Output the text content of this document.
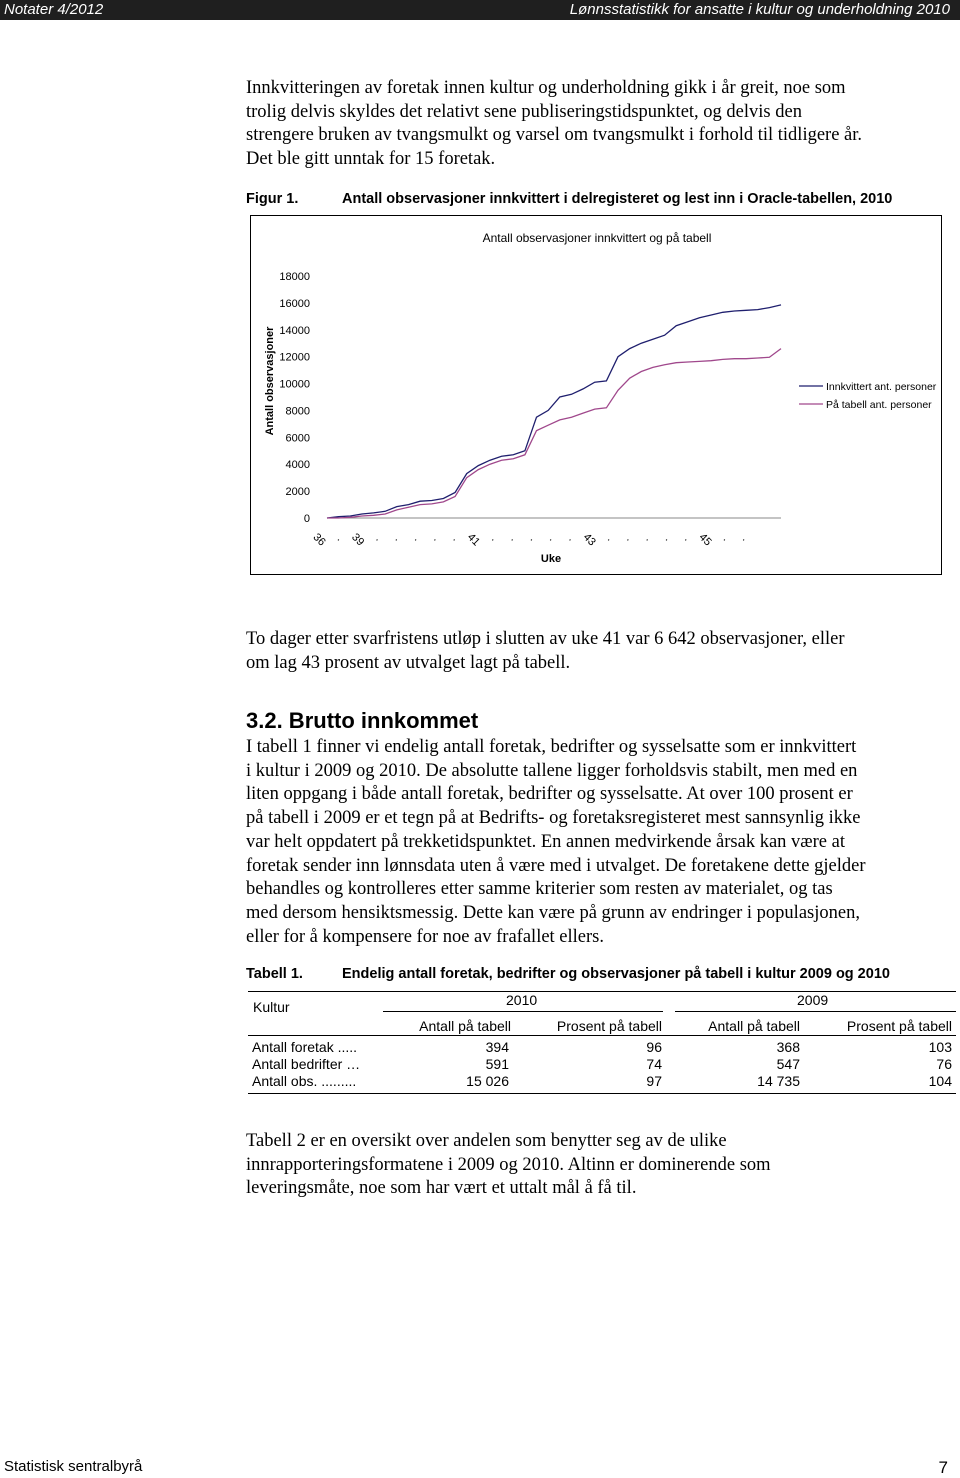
Notater 4/2012	Lønnsstatistikk for ansatte i kultur og underholdning 2010
Innkvitteringen av foretak innen kultur og underholdning gikk i år greit, noe som
trolig delvis skyldes det relativt sene publiseringstidspunktet, og delvis den
strengere bruken av tvangsmulkt og varsel om tvangsmulkt i forhold til tidligere år.
Det ble gitt unntak for 15 foretak.
Figur 1.	Antall observasjoner innkvittert i delregisteret og lest inn i Oracle-tabellen, 2010
Antall observasjoner innkvittert og på tabell
Uke
Antall observasjoner
18000
16000
14000
12000
10000
8000
6000
4000
2000
0
36 · 39 · · · · · 41 · · · · · 43 · · · · · 45 · ·
Innkvittert ant. personer
På tabell ant. personer
To dager etter svarfristens utløp i slutten av uke 41 var 6 642 observasjoner, eller
om lag 43 prosent av utvalget lagt på tabell.
3.2. Brutto innkommet
I tabell 1 finner vi endelig antall foretak, bedrifter og sysselsatte som er innkvittert
i kultur i 2009 og 2010. De absolutte tallene ligger forholdsvis stabilt, men med en
liten oppgang i både antall foretak, bedrifter og sysselsatte. At over 100 prosent er
på tabell i 2009 er et tegn på at Bedrifts- og foretaksregisteret mest sannsynlig ikke
var helt oppdatert på trekketidspunktet. En annen medvirkende årsak kan være at
foretak sender inn lønnsdata uten å være med i utvalget. De foretakene dette gjelder
behandles og kontrolleres etter samme kriterier som resten av materialet, og tas
med dersom hensiktsmessig. Dette kan være på grunn av endringer i populasjonen,
eller for å kompensere for noe av frafallet ellers.
Tabell 1.	Endelig antall foretak, bedrifter og observasjoner på tabell i kultur 2009 og 2010
Kultur	2010	2009
Antall på tabell	Prosent på tabell	Antall på tabell	Prosent på tabell
Antall foretak .....	394	96	368	103
Antall bedrifter …	591	74	547	76
Antall obs. .........	15 026	97	14 735	104
Tabell 2 er en oversikt over andelen som benytter seg av de ulike
innrapporteringsformatene i 2009 og 2010. Altinn er dominerende som
leveringsmåte, noe som har vært et uttalt mål å få til.
Statistisk sentralbyrå	7
